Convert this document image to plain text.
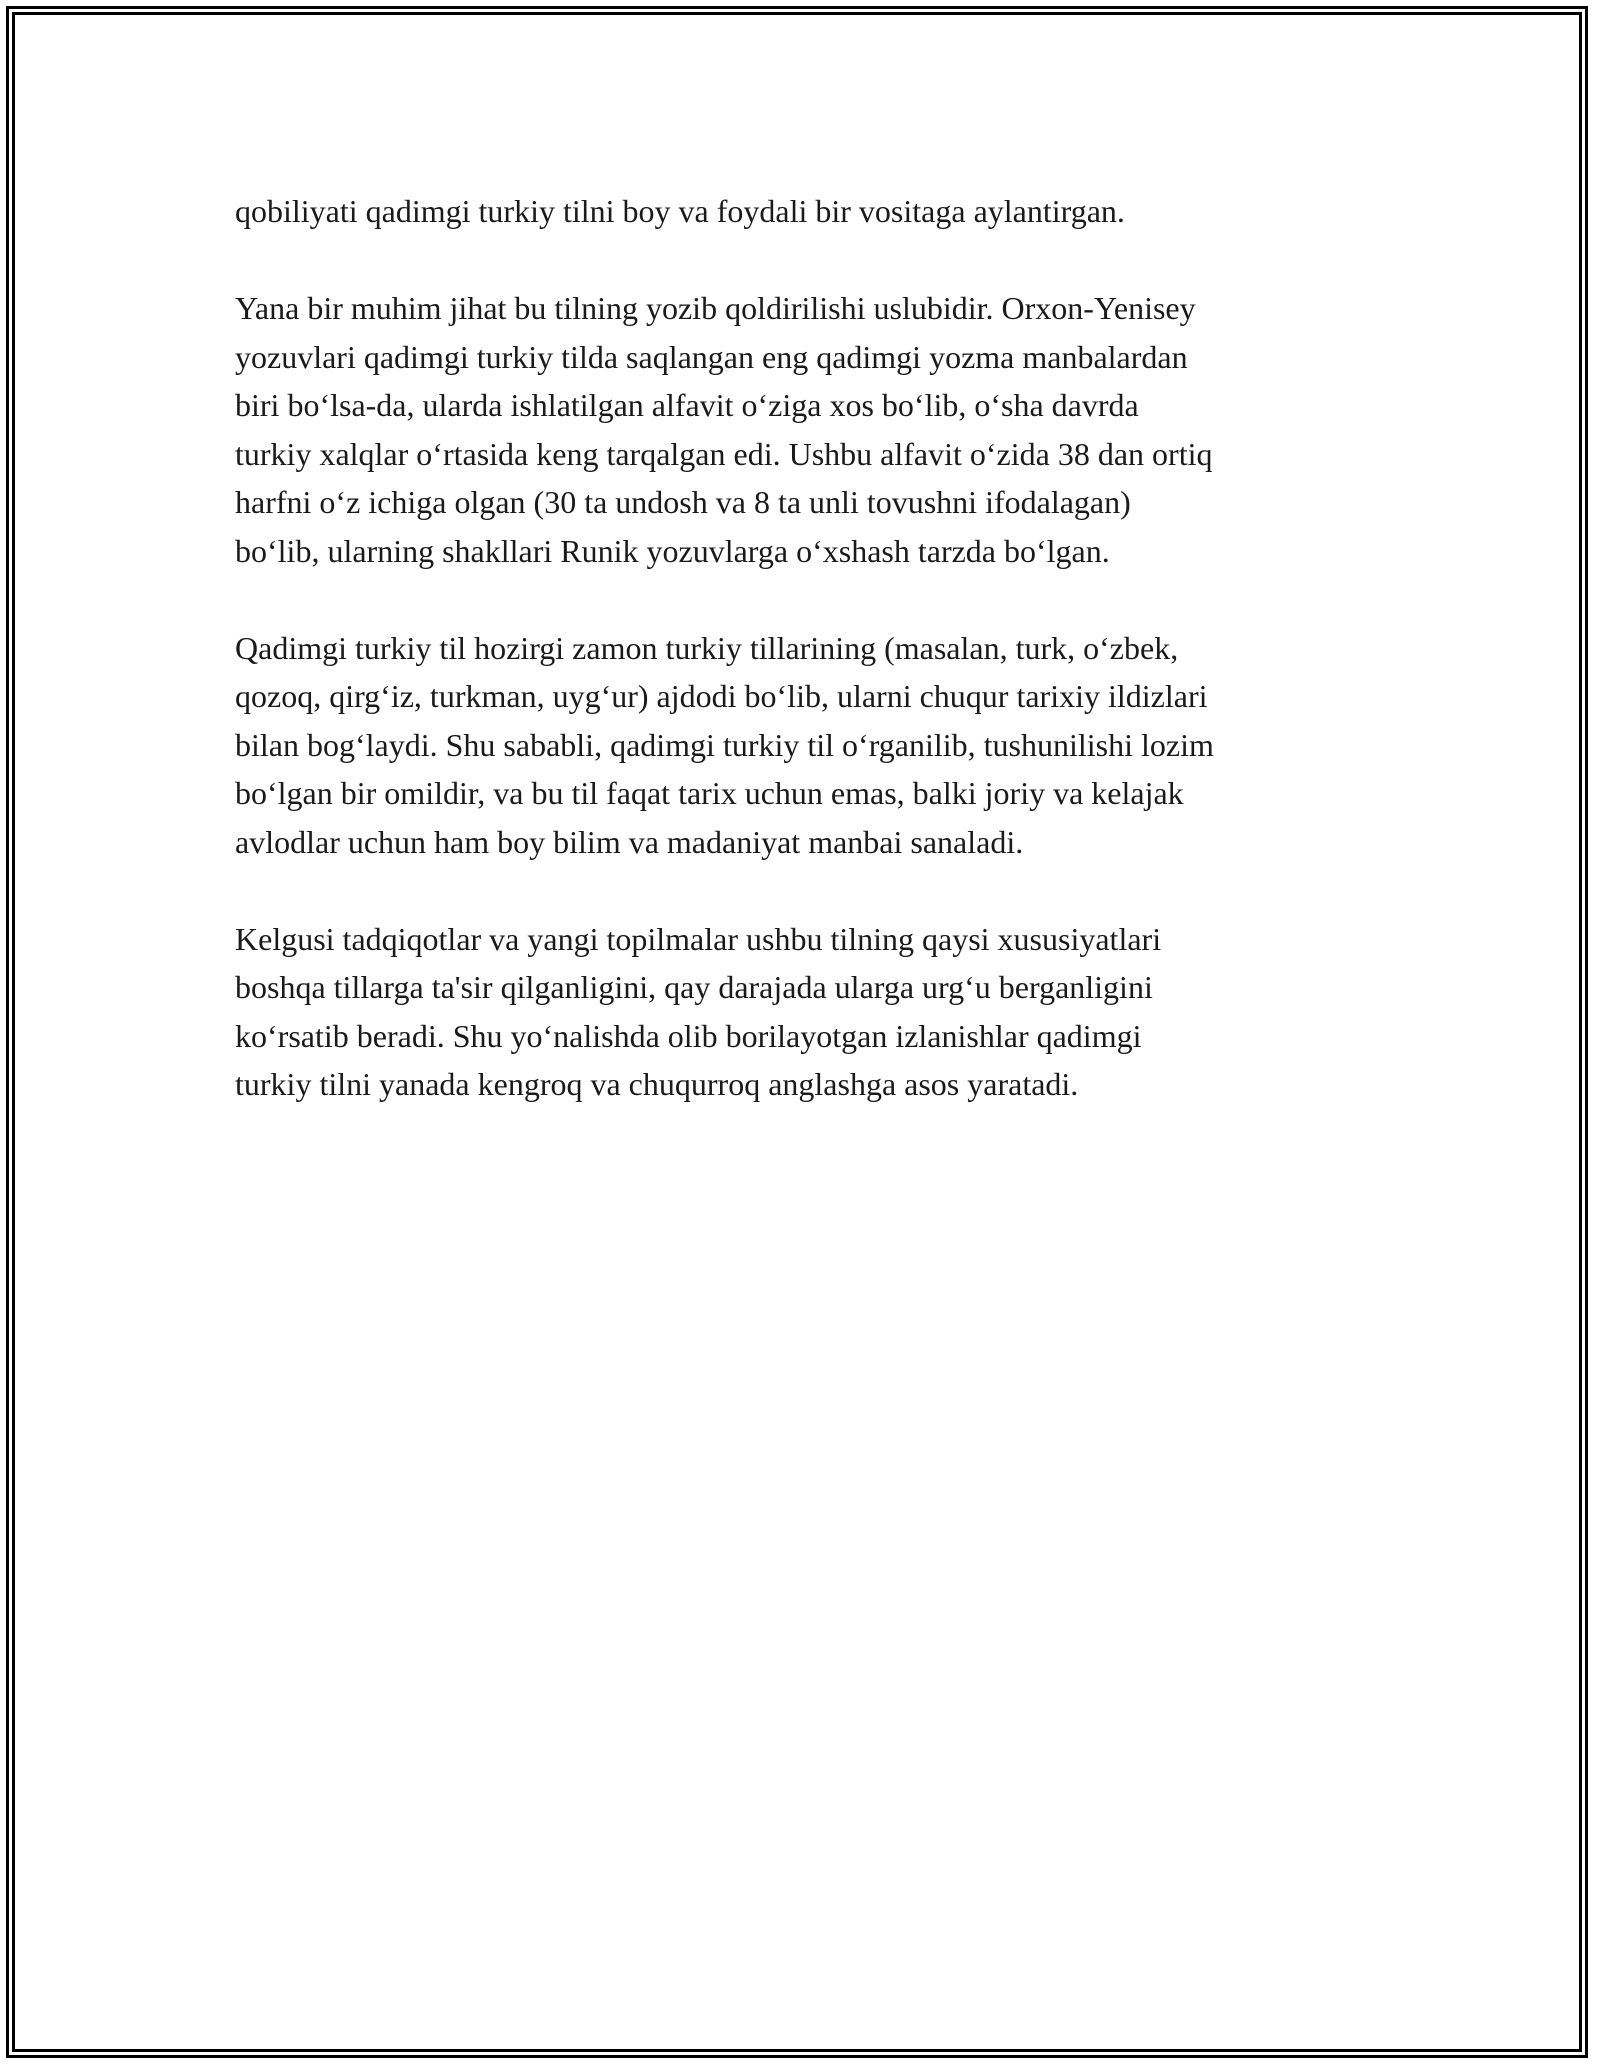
qobiliyati qadimgi turkiy tilni boy va foydali bir vositaga aylantirgan.

Yana bir muhim jihat bu tilning yozib qoldirilishi uslubidir. Orxon-Yenisey
yozuvlari qadimgi turkiy tilda saqlangan eng qadimgi yozma manbalardan
biri bo‘lsa-da, ularda ishlatilgan alfavit o‘ziga xos bo‘lib, o‘sha davrda
turkiy xalqlar o‘rtasida keng tarqalgan edi. Ushbu alfavit o‘zida 38 dan ortiq
harfni o‘z ichiga olgan (30 ta undosh va 8 ta unli tovushni ifodalagan)
bo‘lib, ularning shakllari Runik yozuvlarga o‘xshash tarzda bo‘lgan.

Qadimgi turkiy til hozirgi zamon turkiy tillarining (masalan, turk, o‘zbek,
qozoq, qirg‘iz, turkman, uyg‘ur) ajdodi bo‘lib, ularni chuqur tarixiy ildizlari
bilan bog‘laydi. Shu sababli, qadimgi turkiy til o‘rganilib, tushunilishi lozim
bo‘lgan bir omildir, va bu til faqat tarix uchun emas, balki joriy va kelajak
avlodlar uchun ham boy bilim va madaniyat manbai sanaladi.

Kelgusi tadqiqotlar va yangi topilmalar ushbu tilning qaysi xususiyatlari
boshqa tillarga ta'sir qilganligini, qay darajada ularga urg‘u berganligini
ko‘rsatib beradi. Shu yo‘nalishda olib borilayotgan izlanishlar qadimgi
turkiy tilni yanada kengroq va chuqurroq anglashga asos yaratadi.
